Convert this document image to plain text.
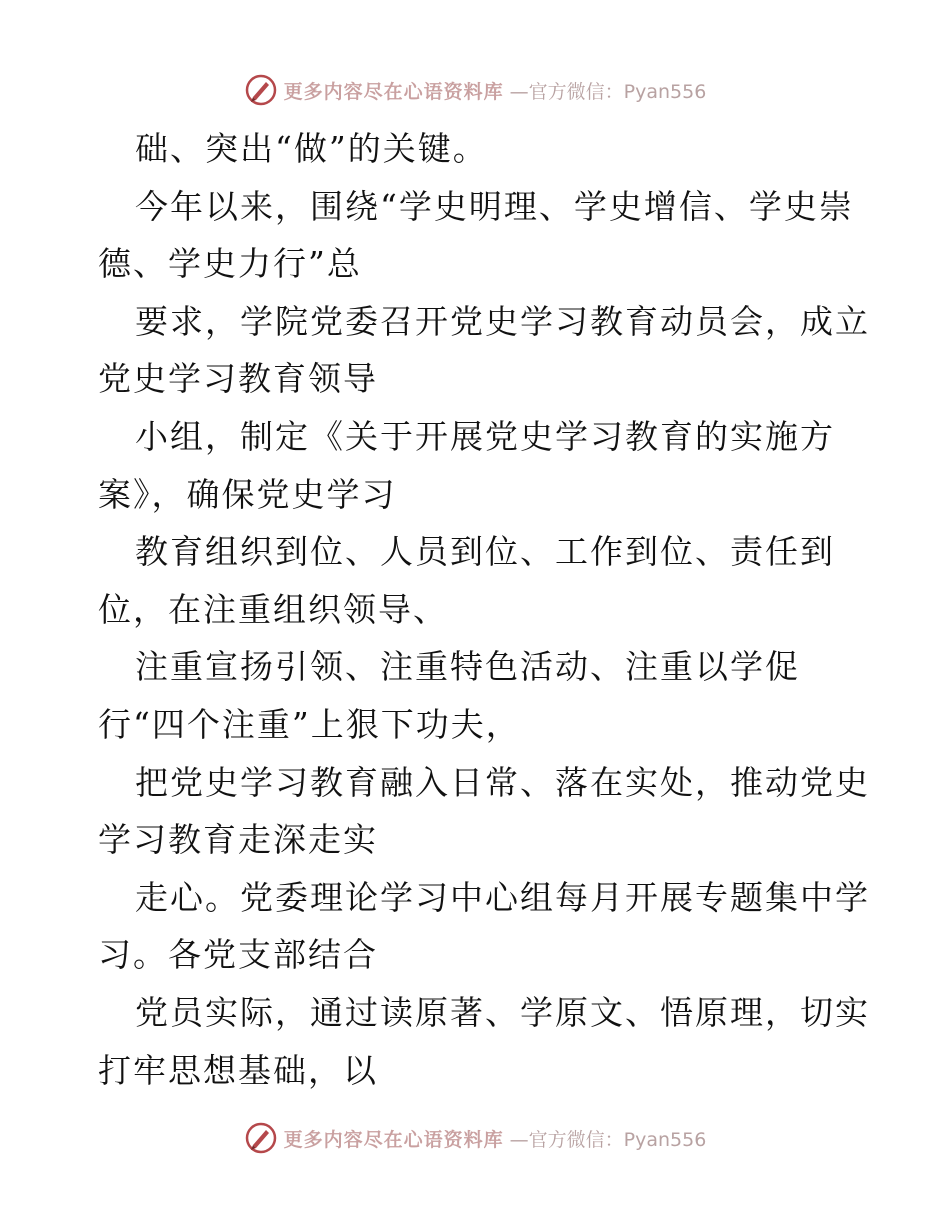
更多内容尽在心语资料库 —官方微信：Pyan556
础、突出“做”的关键。
今年以来，围绕“学史明理、学史增信、学史崇
德、学史力行”总
要求，学院党委召开党史学习教育动员会，成立
党史学习教育领导
小组，制定《关于开展党史学习教育的实施方
案》，确保党史学习
教育组织到位、人员到位、工作到位、责任到
位，在注重组织领导、
注重宣扬引领、注重特色活动、注重以学促
行“四个注重”上狠下功夫，
把党史学习教育融入日常、落在实处，推动党史
学习教育走深走实
走心。党委理论学习中心组每月开展专题集中学
习。各党支部结合
党员实际，通过读原著、学原文、悟原理，切实
打牢思想基础，以
更多内容尽在心语资料库 —官方微信：Pyan556
